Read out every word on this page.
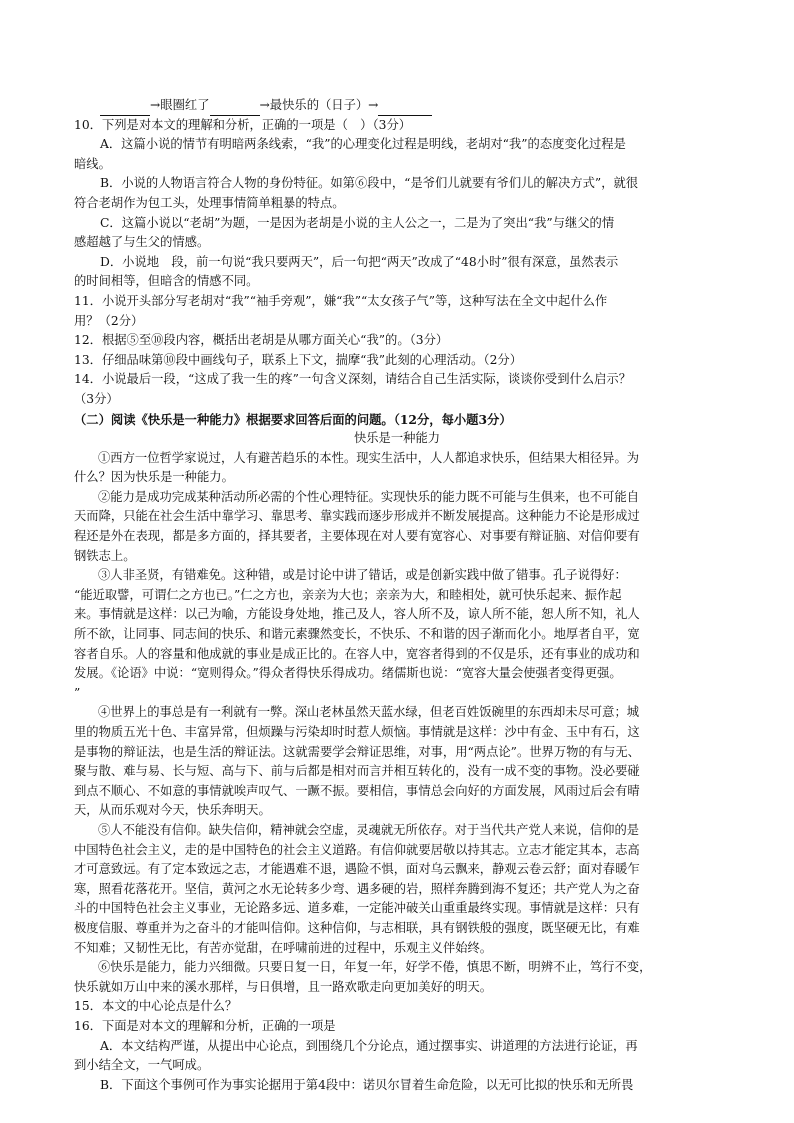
→眼圈红了	→最快乐的（日子）→
10．下列是对本文的理解和分析，正确的一项是（　）（3分）
A．这篇小说的情节有明暗两条线索，“我”的心理变化过程是明线，老胡对“我”的态度变化过程是
暗线。
B．小说的人物语言符合人物的身份特征。如第⑥段中，“是爷们儿就要有爷们儿的解决方式”，就很
符合老胡作为包工头，处理事情简单粗暴的特点。
C．这篇小说以“老胡”为题，一是因为老胡是小说的主人公之一，二是为了突出“我”与继父的情
感超越了与生父的情感。
D．小说地　段，前一句说“我只要两天”，后一句把“两天”改成了“48小时”很有深意，虽然表示
的时间相等，但暗含的情感不同。
11．小说开头部分写老胡对“我”“袖手旁观”，嫌“我”“太女孩子气”等，这种写法在全文中起什么作
用？（2分）
12．根据⑤至⑩段内容，概括出老胡是从哪方面关心“我”的。（3分）
13．仔细品味第⑩段中画线句子，联系上下文，揣摩“我”此刻的心理活动。（2分）
14．小说最后一段，“这成了我一生的疼”一句含义深刻，请结合自己生活实际，谈谈你受到什么启示？
（3分）
（二）阅读《快乐是一种能力》根据要求回答后面的问题。（12分，每小题3分）
快乐是一种能力
①西方一位哲学家说过，人有避苦趋乐的本性。现实生活中，人人都追求快乐，但结果大相径异。为
什么？因为快乐是一种能力。
②能力是成功完成某种活动所必需的个性心理特征。实现快乐的能力既不可能与生俱来，也不可能自
天而降，只能在社会生活中靠学习、靠思考、靠实践而逐步形成并不断发展提高。这种能力不论是形成过
程还是外在表现，都是多方面的，择其要者，主要体现在对人要有宽容心、对事要有辩证脑、对信仰要有
钢铁志上。
③人非圣贤，有错难免。这种错，或是讨论中讲了错话，或是创新实践中做了错事。孔子说得好：
“能近取譬，可谓仁之方也已。”仁之方也，亲亲为大也；亲亲为大，和睦相处，就可快乐起来、振作起
来。事情就是这样：以己为喻，方能设身处地，推己及人，容人所不及，谅人所不能，恕人所不知，礼人
所不欲，让同事、同志间的快乐、和谐元素骤然变长，不快乐、不和谐的因子渐而化小。地厚者自平，宽
容者自乐。人的容量和他成就的事业是成正比的。在容人中，宽容者得到的不仅是乐，还有事业的成功和
发展。《论语》中说：“宽则得众。”得众者得快乐得成功。绪儒斯也说：“宽容大量会使强者变得更强。
”
④世界上的事总是有一利就有一弊。深山老林虽然天蓝水绿，但老百姓饭碗里的东西却未尽可意；城
里的物质五光十色、丰富异常，但烦躁与污染却时时惹人烦恼。事情就是这样：沙中有金、玉中有石，这
是事物的辩证法，也是生活的辩证法。这就需要学会辩证思维，对事，用“两点论”。世界万物的有与无、
聚与散、难与易、长与短、高与下、前与后都是相对而言并相互转化的，没有一成不变的事物。没必要碰
到点不顺心、不如意的事情就唉声叹气、一蹶不振。要相信，事情总会向好的方面发展，风雨过后会有晴
天，从而乐观对今天，快乐奔明天。
⑤人不能没有信仰。缺失信仰，精神就会空虚，灵魂就无所依存。对于当代共产党人来说，信仰的是
中国特色社会主义，走的是中国特色的社会主义道路。有信仰就要居敬以持其志。立志才能定其本，志高
才可意致远。有了定本致远之志，才能遇难不退，遇险不惧，面对乌云飘来，静观云卷云舒；面对春暖乍
寒，照看花落花开。坚信，黄河之水无论转多少弯、遇多硬的岩，照样奔腾到海不复还；共产党人为之奋
斗的中国特色社会主义事业，无论路多远、道多难，一定能冲破关山重重最终实现。事情就是这样：只有
极度信服、尊重并为之奋斗的才能叫信仰。这种信仰，与志相联，具有钢铁般的强度，既坚硬无比，有难
不知难；又韧性无比，有苦亦觉甜，在呼啸前进的过程中，乐观主义伴始终。
⑥快乐是能力，能力兴细微。只要日复一日，年复一年，好学不倦，慎思不断，明辨不止，笃行不变，
快乐就如万山中来的溪水那样，与日俱增，且一路欢歌走向更加美好的明天。
15．本文的中心论点是什么？
16．下面是对本文的理解和分析，正确的一项是
A．本文结构严谨，从提出中心论点，到围绕几个分论点，通过摆事实、讲道理的方法进行论证，再
到小结全文，一气呵成。
B．下面这个事例可作为事实论据用于第4段中：诺贝尔冒着生命危险，以无可比拟的快乐和无所畏
